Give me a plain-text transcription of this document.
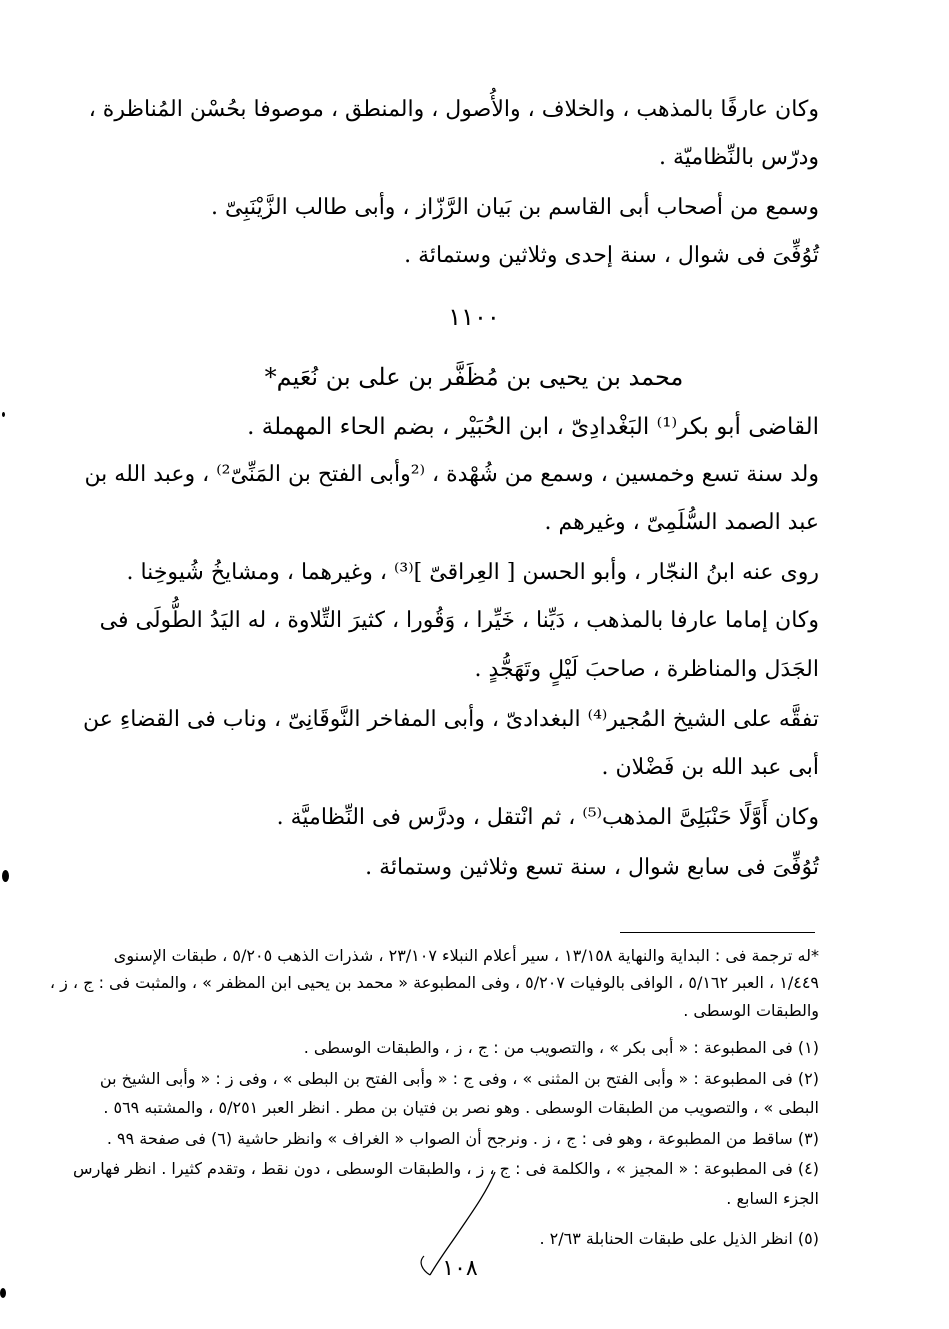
وكان عارفًا بالمذهب ، والخلاف ، والأُصول ، والمنطق ، موصوفا بحُسْن المُناظرة ،
ودرّس بالنِّظاميّة .
وسمع من أصحاب أبى القاسم بن بَيان الرَّزّاز ، وأبى طالب الزَّيْنَبِىّ .
تُوُفِّىَ فى شوال ، سنة إحدى وثلاثين وستمائة .
١١٠٠
محمد بن يحيى بن مُظَفَّر بن على بن نُعَيم*
القاضى أبو بكر⁽¹⁾ البَغْدادِىّ ، ابن الحُبَيْر ، بضم الحاء المهملة .
ولد سنة تسع وخمسين ، وسمع من شُهْدة ، ⁽²وأبى الفتح بن المَنِّىّ²⁾ ، وعبد الله بن
عبد الصمد السُّلَمِىّ ، وغيرهم .
روى عنه ابنُ النجّار ، وأبو الحسن [ العِراقىّ ]⁽³⁾ ، وغيرهما ، ومشايخُ شُيوخِنا .
وكان إماما عارفا بالمذهب ، دَيِّنا ، خَيِّرا ، وَقُورا ، كثيرَ التِّلاوة ، له اليَدُ الطُّولَى فى
الجَدَل والمناظرة ، صاحبَ لَيْلٍ وتَهَجُّدٍ .
تفقَّه على الشيخ المُجير⁽⁴⁾ البغدادىّ ، وأبى المفاخر النَّوقَانِىّ ، وناب فى القضاءِ عن
أبى عبد الله بن فَضْلان .
وكان أَوَّلًا حَنْبَلِىَّ المذهب⁽⁵⁾ ، ثم انْتقل ، ودرَّس فى النِّظاميَّة .
تُوُفِّىَ فى سابع شوال ، سنة تسع وثلاثين وستمائة .
*له ترجمة فى : البداية والنهاية ١٣/١٥٨ ، سير أعلام النبلاء ٢٣/١٠٧ ، شذرات الذهب ٥/٢٠٥ ، طبقات الإسنوى
١/٤٤٩ ، العبر ٥/١٦٢ ، الوافى بالوفيات ٥/٢٠٧ ، وفى المطبوعة « محمد بن يحيى ابن المظفر » ، والمثبت فى : ج ، ز ،
والطبقات الوسطى .
(١) فى المطبوعة : « أبى بكر » ، والتصويب من : ج ، ز ، والطبقات الوسطى .
(٢) فى المطبوعة : « وأبى الفتح بن المثنى » ، وفى ج : « وأبى الفتح بن البطى » ، وفى ز : « وأبى الشيخ بن
البطى » ، والتصويب من الطبقات الوسطى . وهو نصر بن فتيان بن مطر . انظر العبر ٥/٢٥١ ، والمشتبه ٥٦٩ .
(٣) ساقط من المطبوعة ، وهو فى : ج ، ز . ونرجح أن الصواب « الغراف » وانظر حاشية (٦) فى صفحة ٩٩ .
(٤) فى المطبوعة : « المجيز » ، والكلمة فى : ج ، ز ، والطبقات الوسطى ، دون نقط ، وتقدم كثيرا . انظر فهارس
الجزء السابع .
(٥) انظر الذيل على طبقات الحنابلة ٢/٦٣ .
١٠٨
